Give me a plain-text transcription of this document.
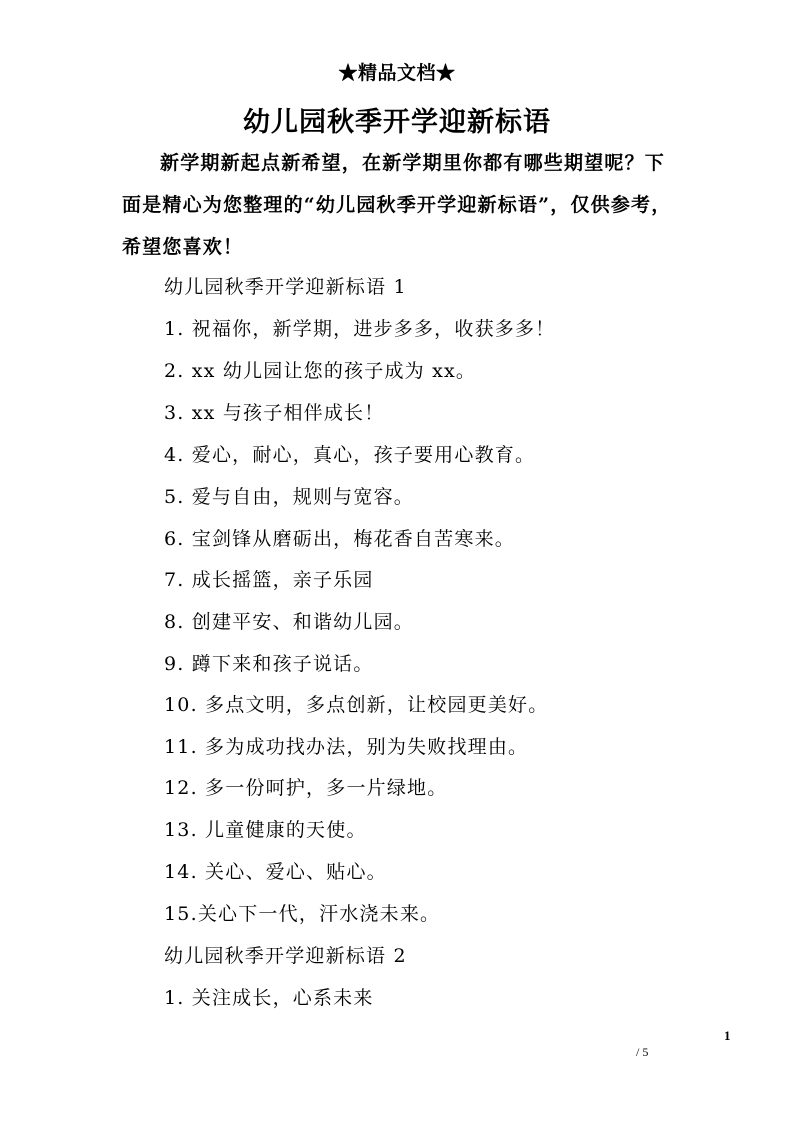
★精品文档★
幼儿园秋季开学迎新标语
新学期新起点新希望，在新学期里你都有哪些期望呢？下面是精心为您整理的“幼儿园秋季开学迎新标语”，仅供参考，希望您喜欢！
幼儿园秋季开学迎新标语 1
1. 祝福你，新学期，进步多多，收获多多！
2. xx 幼儿园让您的孩子成为 xx。
3. xx 与孩子相伴成长！
4. 爱心，耐心，真心，孩子要用心教育。
5. 爱与自由，规则与宽容。
6. 宝剑锋从磨砺出，梅花香自苦寒来。
7. 成长摇篮，亲子乐园
8. 创建平安、和谐幼儿园。
9. 蹲下来和孩子说话。
10. 多点文明，多点创新，让校园更美好。
11. 多为成功找办法，别为失败找理由。
12. 多一份呵护，多一片绿地。
13. 儿童健康的天使。
14. 关心、爱心、贴心。
15.关心下一代，汗水浇未来。
幼儿园秋季开学迎新标语 2
1. 关注成长，心系未来
1
/ 5
